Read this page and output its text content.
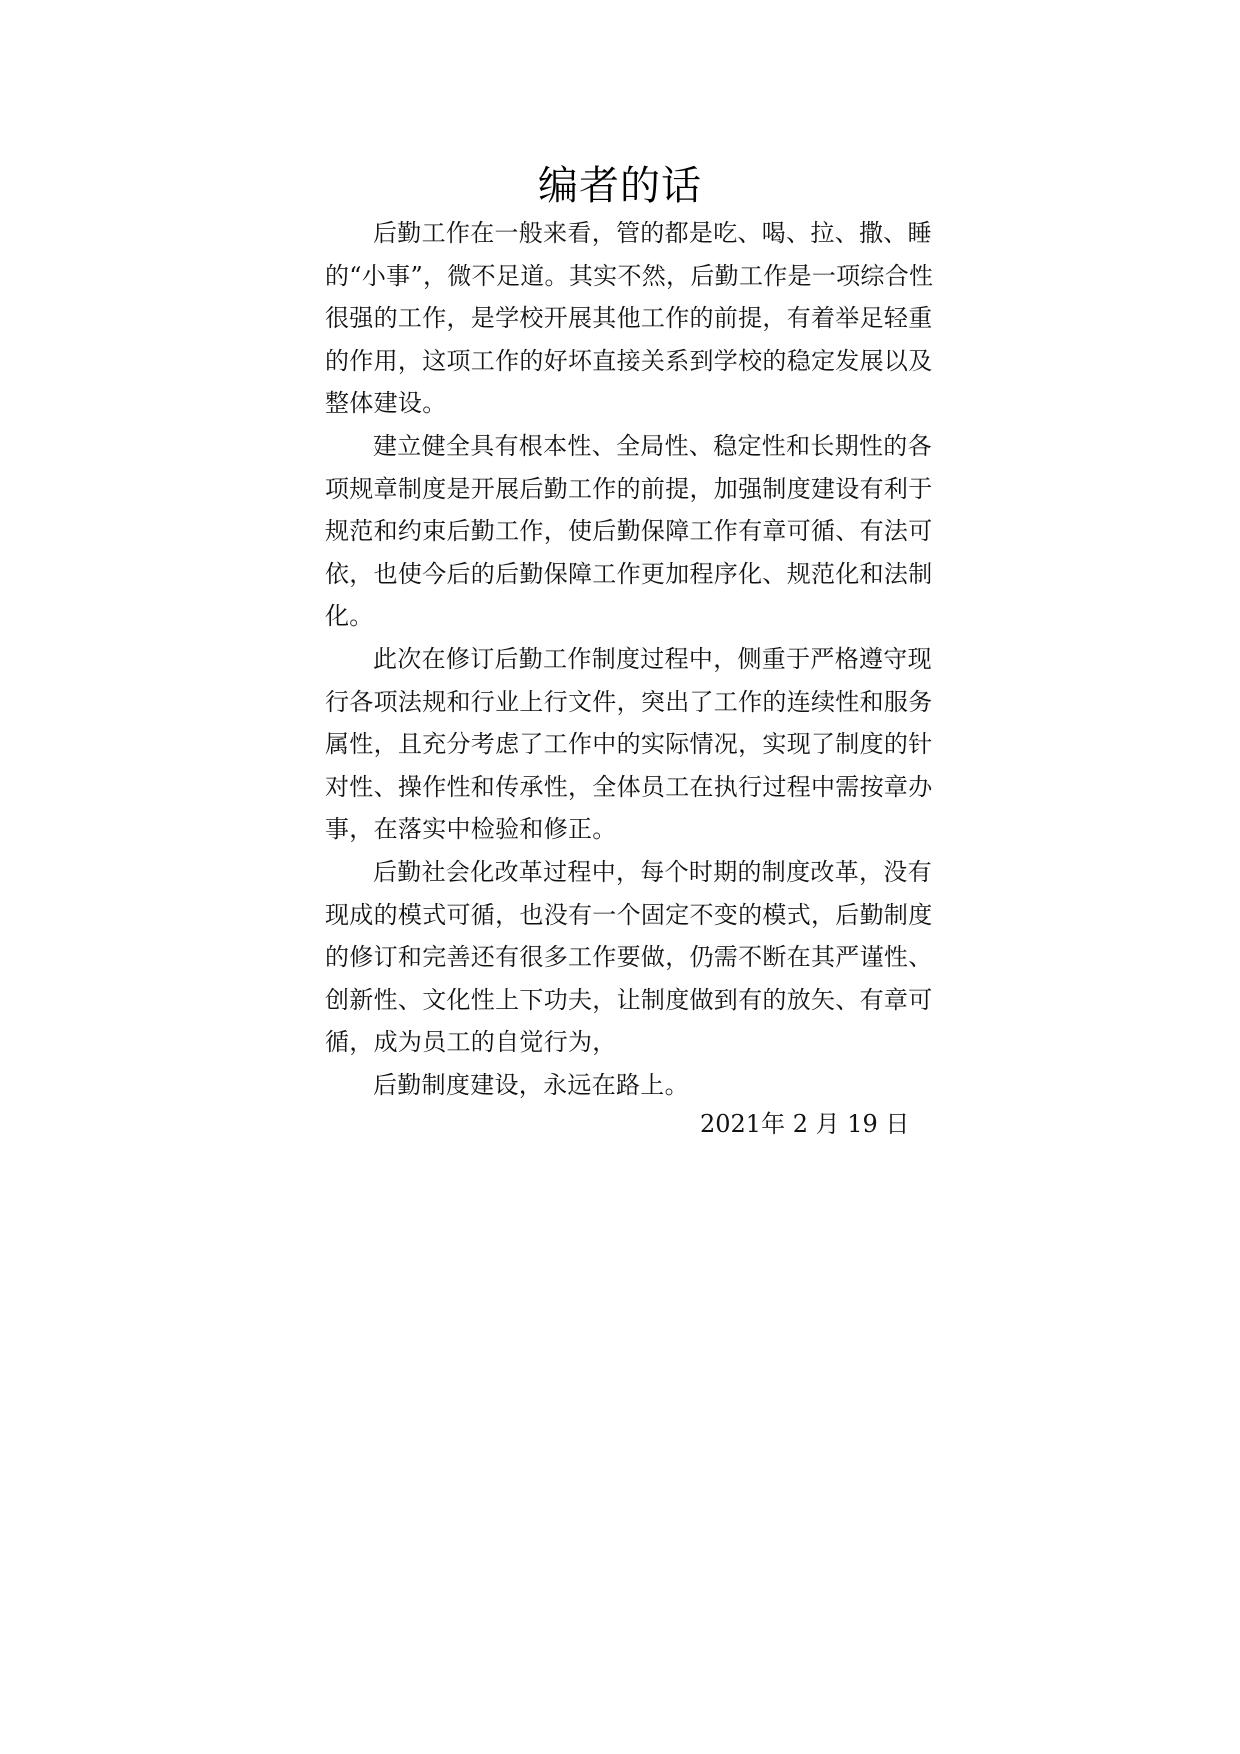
编者的话

后勤工作在一般来看，管的都是吃、喝、拉、撒、睡的“小事”，微不足道。其实不然，后勤工作是一项综合性很强的工作，是学校开展其他工作的前提，有着举足轻重的作用，这项工作的好坏直接关系到学校的稳定发展以及整体建设。

建立健全具有根本性、全局性、稳定性和长期性的各项规章制度是开展后勤工作的前提，加强制度建设有利于规范和约束后勤工作，使后勤保障工作有章可循、有法可依，也使今后的后勤保障工作更加程序化、规范化和法制化。

此次在修订后勤工作制度过程中，侧重于严格遵守现行各项法规和行业上行文件，突出了工作的连续性和服务属性，且充分考虑了工作中的实际情况，实现了制度的针对性、操作性和传承性，全体员工在执行过程中需按章办事，在落实中检验和修正。

后勤社会化改革过程中，每个时期的制度改革，没有现成的模式可循，也没有一个固定不变的模式，后勤制度的修订和完善还有很多工作要做，仍需不断在其严谨性、创新性、文化性上下功夫，让制度做到有的放矢、有章可循，成为员工的自觉行为，

后勤制度建设，永远在路上。

2021年 2 月 19 日
